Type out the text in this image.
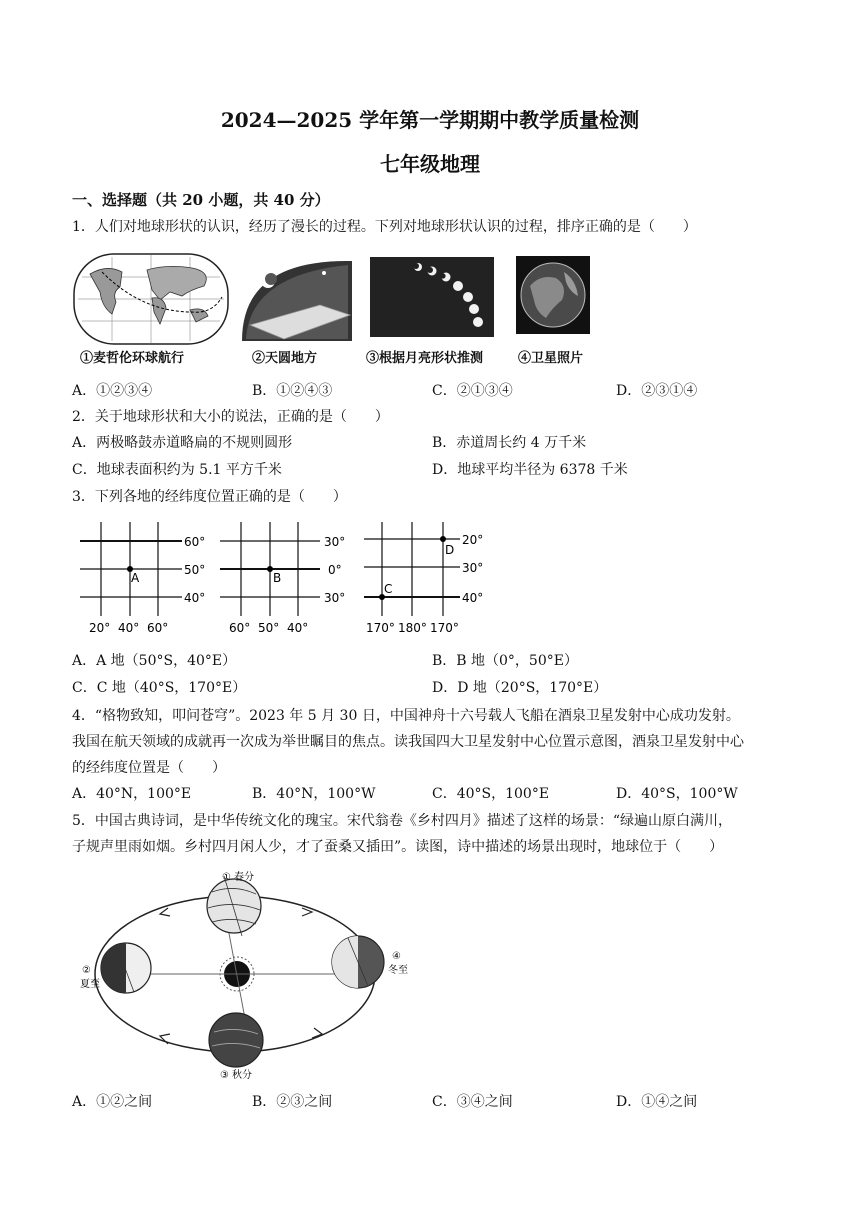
2024—2025 学年第一学期期中教学质量检测
七年级地理
一、选择题（共 20 小题，共 40 分）
1．人们对地球形状的认识，经历了漫长的过程。下列对地球形状认识的过程，排序正确的是（　　）
①麦哲伦环球航行	②天圆地方	③根据月亮形状推测	④卫星照片
A．①②③④	B．①②④③	C．②①③④	D．②③①④
2．关于地球形状和大小的说法，正确的是（　　）
A．两极略鼓赤道略扁的不规则圆形	B．赤道周长约 4 万千米
C．地球表面积约为 5.1 平方千米	D．地球平均半径为 6378 千米
3．下列各地的经纬度位置正确的是（　　）
A
60°
50°
40°
20° 40° 60°
B
30°
0°
30°
60° 50° 40°
C
D
20°
30°
40°
170° 180° 170°
A．A 地（50°S，40°E）	B．B 地（0°，50°E）
C．C 地（40°S，170°E）	D．D 地（20°S，170°E）
4．“格物致知，叩问苍穹”。2023 年 5 月 30 日，中国神舟十六号载人飞船在酒泉卫星发射中心成功发射。
我国在航天领域的成就再一次成为举世瞩目的焦点。读我国四大卫星发射中心位置示意图，酒泉卫星发射中心
的经纬度位置是（　　）
A．40°N，100°E	B．40°N，100°W	C．40°S，100°E	D．40°S，100°W
5．中国古典诗词，是中华传统文化的瑰宝。宋代翁卷《乡村四月》描述了这样的场景：“绿遍山原白满川，
子规声里雨如烟。乡村四月闲人少，才了蚕桑又插田”。读图，诗中描述的场景出现时，地球位于（　　）
① 春分
②
夏至
③ 秋分
④
冬至
A．①②之间	B．②③之间	C．③④之间	D．①④之间
